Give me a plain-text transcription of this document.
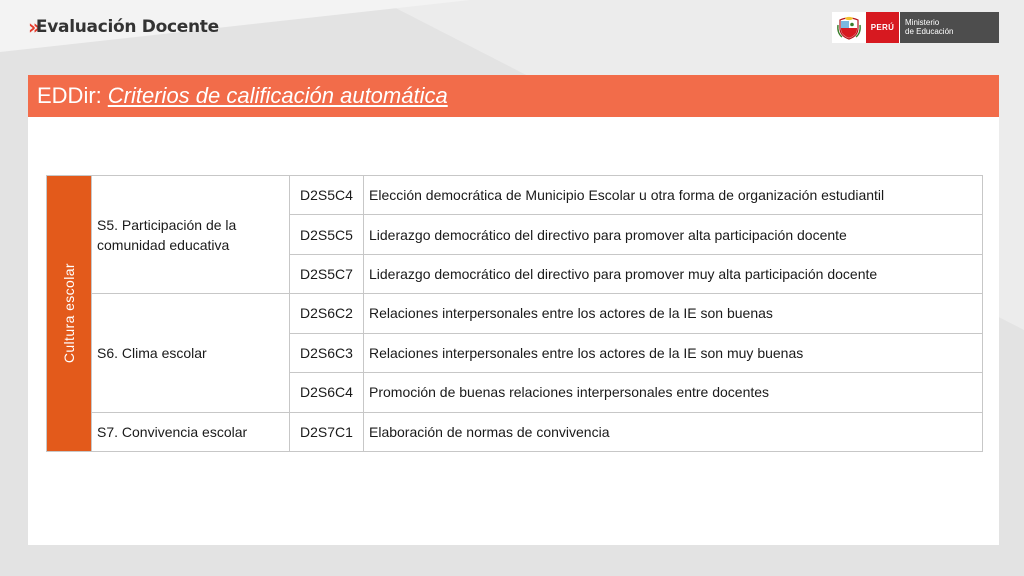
» Evaluación Docente	PERÚ
Ministerio
de Educación
EDDir: Criterios de calificación automática
Cultura escolar	S5. Participación de la comunidad educativa	D2S5C4	Elección democrática de Municipio Escolar u otra forma de organización estudiantil
		D2S5C5	Liderazgo democrático del directivo para promover alta participación docente
		D2S5C7	Liderazgo democrático del directivo para promover muy alta participación docente
	S6. Clima escolar	D2S6C2	Relaciones interpersonales entre los actores de la IE son buenas
		D2S6C3	Relaciones interpersonales entre los actores de la IE son muy buenas
		D2S6C4	Promoción de buenas relaciones interpersonales entre docentes
	S7. Convivencia escolar	D2S7C1	Elaboración de normas de convivencia
